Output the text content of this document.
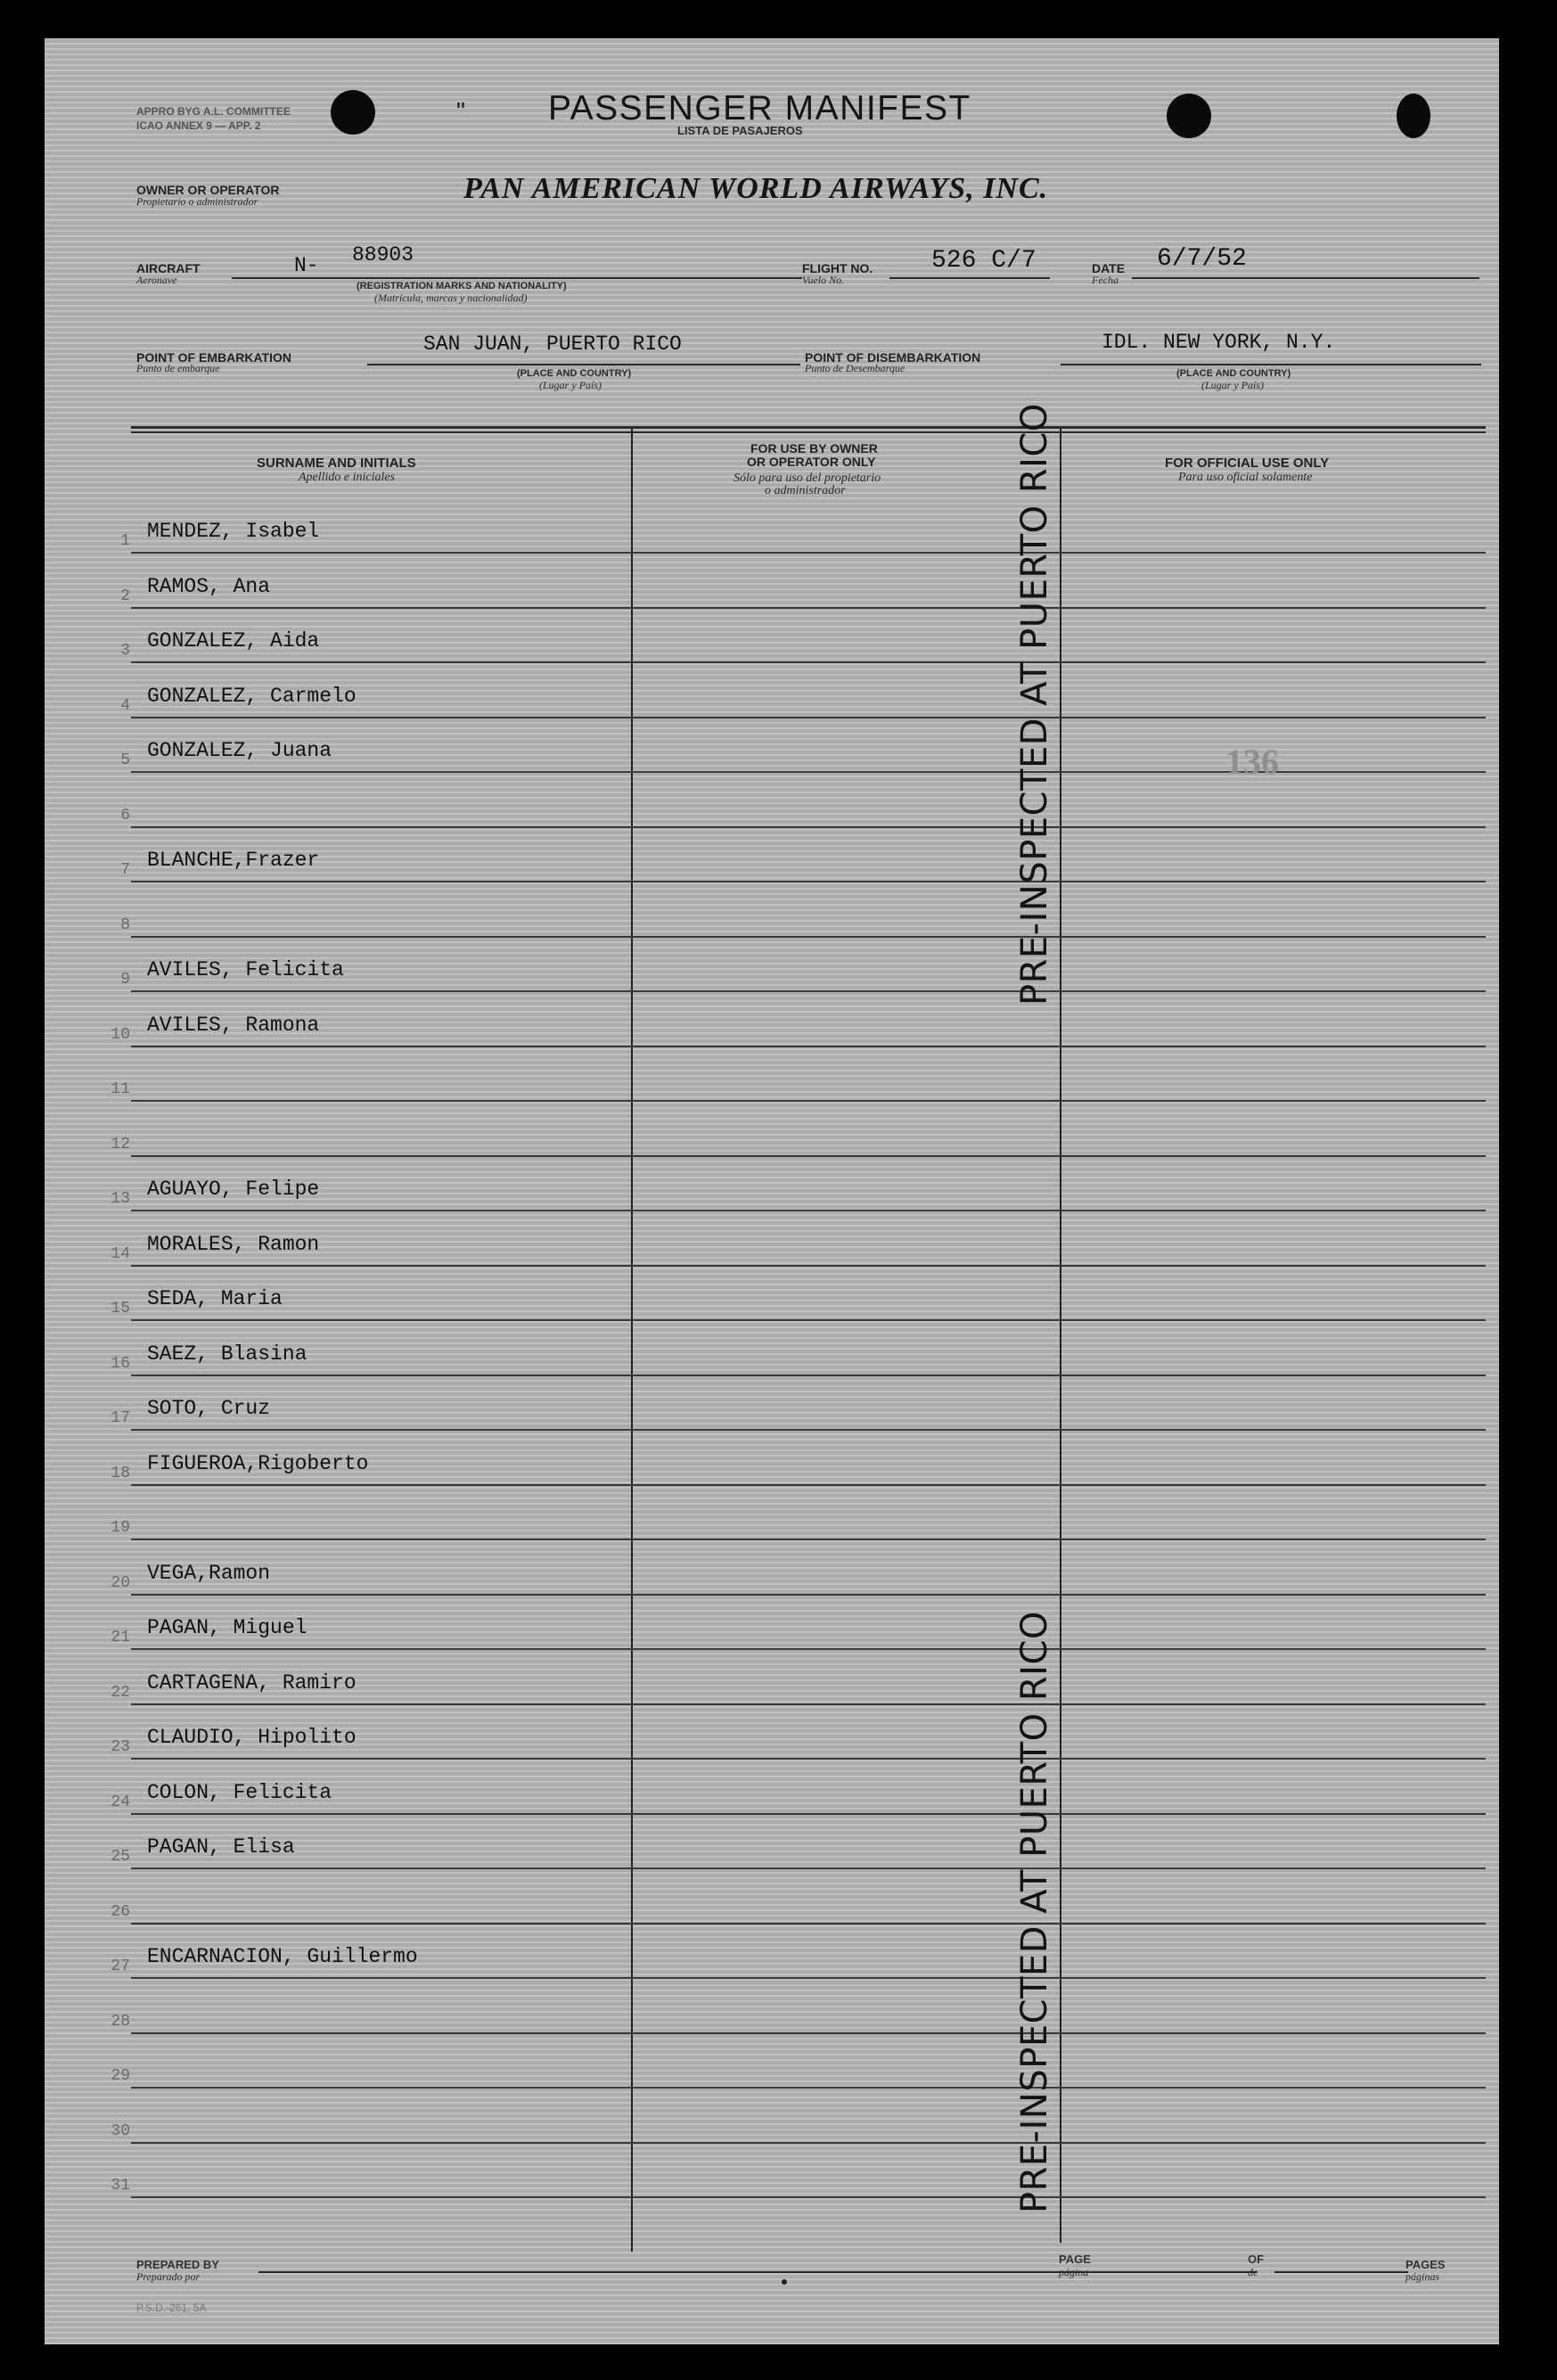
APPRO BYG A.L. COMMITTEE
ICAO ANNEX 9 — APP. 2
" PASSENGER MANIFEST
LISTA DE PASAJEROS
OWNER OR OPERATOR
Propietario o administrador	PAN AMERICAN WORLD AIRWAYS, INC.
AIRCRAFT
Aeronave
N- 88903
(REGISTRATION MARKS AND NATIONALITY)
(Matrícula, marcas y nacionalidad)
FLIGHT NO.
Vuelo No.
526 C/7	DATE
Fecha
6/7/52
POINT OF EMBARKATION
Punto de embarque
SAN JUAN, PUERTO RICO
(PLACE AND COUNTRY)
(Lugar y País)
POINT OF DISEMBARKATION
Punto de Desembarque
IDL. NEW YORK, N.Y.
(PLACE AND COUNTRY)
(Lugar y País)
SURNAME AND INITIALS
Apellido e iniciales
FOR USE BY OWNER
OR OPERATOR ONLY
Sólo para uso del propietario
o administrador
FOR OFFICIAL USE ONLY
Para uso oficial solamente
1 MENDEZ, Isabel
2 RAMOS, Ana
3 GONZALEZ, Aida
4 GONZALEZ, Carmelo
5 GONZALEZ, Juana
6
7 BLANCHE,Frazer
8
9 AVILES, Felicita
10 AVILES, Ramona
11
12
13 AGUAYO, Felipe
14 MORALES, Ramon
15 SEDA, Maria
16 SAEZ, Blasina
17 SOTO, Cruz
18 FIGUEROA,Rigoberto
19
20 VEGA,Ramon
21 PAGAN, Miguel
22 CARTAGENA, Ramiro
23 CLAUDIO, Hipolito
24 COLON, Felicita
25 PAGAN, Elisa
26
27 ENCARNACION, Guillermo
28
29
30
31
136
PRE-INSPECTED AT PUERTO RICO
PRE-INSPECTED AT PUERTO RICO
PREPARED BY
Preparado por
PAGE
página
OF
de
PAGES
páginas
P.S.D.-261, 5A
